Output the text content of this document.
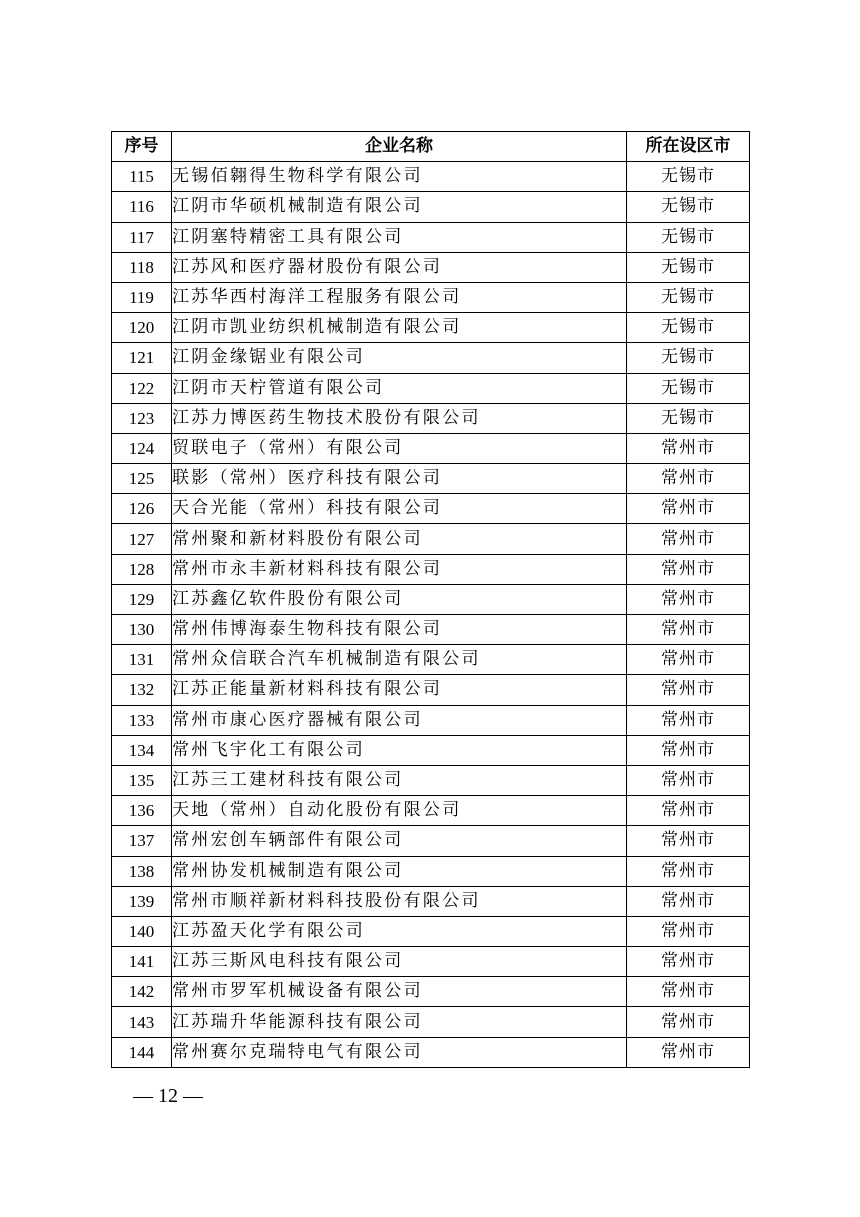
序号	企业名称	所在设区市
115	无锡佰翱得生物科学有限公司	无锡市
116	江阴市华硕机械制造有限公司	无锡市
117	江阴塞特精密工具有限公司	无锡市
118	江苏风和医疗器材股份有限公司	无锡市
119	江苏华西村海洋工程服务有限公司	无锡市
120	江阴市凯业纺织机械制造有限公司	无锡市
121	江阴金缘锯业有限公司	无锡市
122	江阴市天柠管道有限公司	无锡市
123	江苏力博医药生物技术股份有限公司	无锡市
124	贸联电子（常州）有限公司	常州市
125	联影（常州）医疗科技有限公司	常州市
126	天合光能（常州）科技有限公司	常州市
127	常州聚和新材料股份有限公司	常州市
128	常州市永丰新材料科技有限公司	常州市
129	江苏鑫亿软件股份有限公司	常州市
130	常州伟博海泰生物科技有限公司	常州市
131	常州众信联合汽车机械制造有限公司	常州市
132	江苏正能量新材料科技有限公司	常州市
133	常州市康心医疗器械有限公司	常州市
134	常州飞宇化工有限公司	常州市
135	江苏三工建材科技有限公司	常州市
136	天地（常州）自动化股份有限公司	常州市
137	常州宏创车辆部件有限公司	常州市
138	常州协发机械制造有限公司	常州市
139	常州市顺祥新材料科技股份有限公司	常州市
140	江苏盈天化学有限公司	常州市
141	江苏三斯风电科技有限公司	常州市
142	常州市罗军机械设备有限公司	常州市
143	江苏瑞升华能源科技有限公司	常州市
144	常州赛尔克瑞特电气有限公司	常州市
— 12 —
